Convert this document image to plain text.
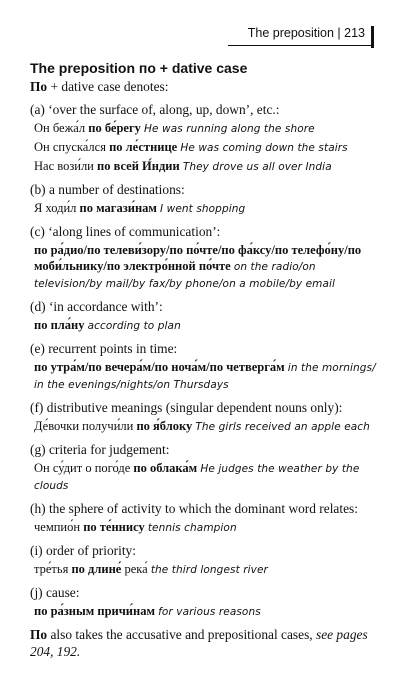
The preposition | 213
The preposition по + dative case

По + dative case denotes:

(a) ‘over the surface of, along, up, down’, etc.:

Он бежа́л по бе́регу He was running along the shore

Он спуска́лся по ле́стнице He was coming down the stairs

Нас вози́ли по всей И́ндии They drove us all over India

(b) a number of destinations:

Я ходи́л по магази́нам I went shopping

(c) ‘along lines of communication’:

по ра́дио/по телеви́зору/по по́чте/по фа́ксу/по телефо́ну/по моби́льнику/по электро́нной по́чте on the radio/on television/by mail/by fax/by phone/on a mobile/by email

(d) ‘in accordance with’:

по пла́ну according to plan

(e) recurrent points in time:

по утра́м/по вечера́м/по ноча́м/по четверга́м in the mornings/ in the evenings/nights/on Thursdays

(f) distributive meanings (singular dependent nouns only):

Де́вочки получи́ли по я́блоку The girls received an apple each

(g) criteria for judgement:

Он су́дит о пого́де по облака́м He judges the weather by the clouds

(h) the sphere of activity to which the dominant word relates:

чемпио́н по те́ннису tennis champion

(i) order of priority:

тре́тья по длине́ река́ the third longest river

(j) cause:

по ра́зным причи́нам for various reasons

По also takes the accusative and prepositional cases, see pages 204, 192.
